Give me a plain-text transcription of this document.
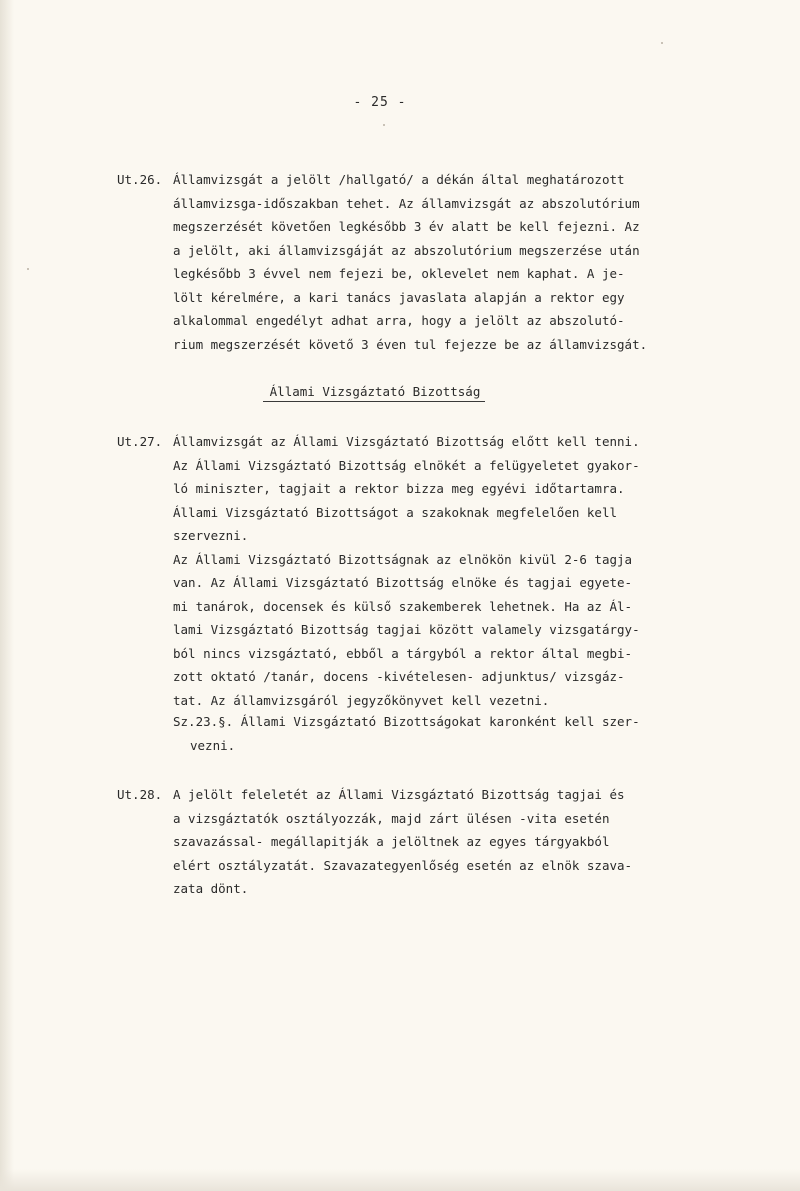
- 25 -
Ut.26. Államvizsgát a jelölt /hallgató/ a dékán által meghatározott
államvizsga-időszakban tehet. Az államvizsgát az abszolutórium
megszerzését követően legkésőbb 3 év alatt be kell fejezni. Az
a jelölt, aki államvizsgáját az abszolutórium megszerzése után
legkésőbb 3 évvel nem fejezi be, oklevelet nem kaphat. A je-
lölt kérelmére, a kari tanács javaslata alapján a rektor egy
alkalommal engedélyt adhat arra, hogy a jelölt az abszolutó-
rium megszerzését követő 3 éven tul fejezze be az államvizsgát.
Állami Vizsgáztató Bizottság
Ut.27. Államvizsgát az Állami Vizsgáztató Bizottság előtt kell tenni.
Az Állami Vizsgáztató Bizottság elnökét a felügyeletet gyakor-
ló miniszter, tagjait a rektor bizza meg egyévi időtartamra.
Állami Vizsgáztató Bizottságot a szakoknak megfelelően kell
szervezni.
Az Állami Vizsgáztató Bizottságnak az elnökön kivül 2-6 tagja
van. Az Állami Vizsgáztató Bizottság elnöke és tagjai egyete-
mi tanárok, docensek és külső szakemberek lehetnek. Ha az Ál-
lami Vizsgáztató Bizottság tagjai között valamely vizsgatárgy-
ból nincs vizsgáztató, ebből a tárgyból a rektor által megbi-
zott oktató /tanár, docens -kivételesen- adjunktus/ vizsgáz-
tat. Az államvizsgáról jegyzőkönyvet kell vezetni.
Sz.23.§. Állami Vizsgáztató Bizottságokat karonként kell szer-
vezni.
Ut.28. A jelölt feleletét az Állami Vizsgáztató Bizottság tagjai és
a vizsgáztatók osztályozzák, majd zárt ülésen -vita esetén
szavazással- megállapitják a jelöltnek az egyes tárgyakból
elért osztályzatát. Szavazategyenlőség esetén az elnök szava-
zata dönt.
